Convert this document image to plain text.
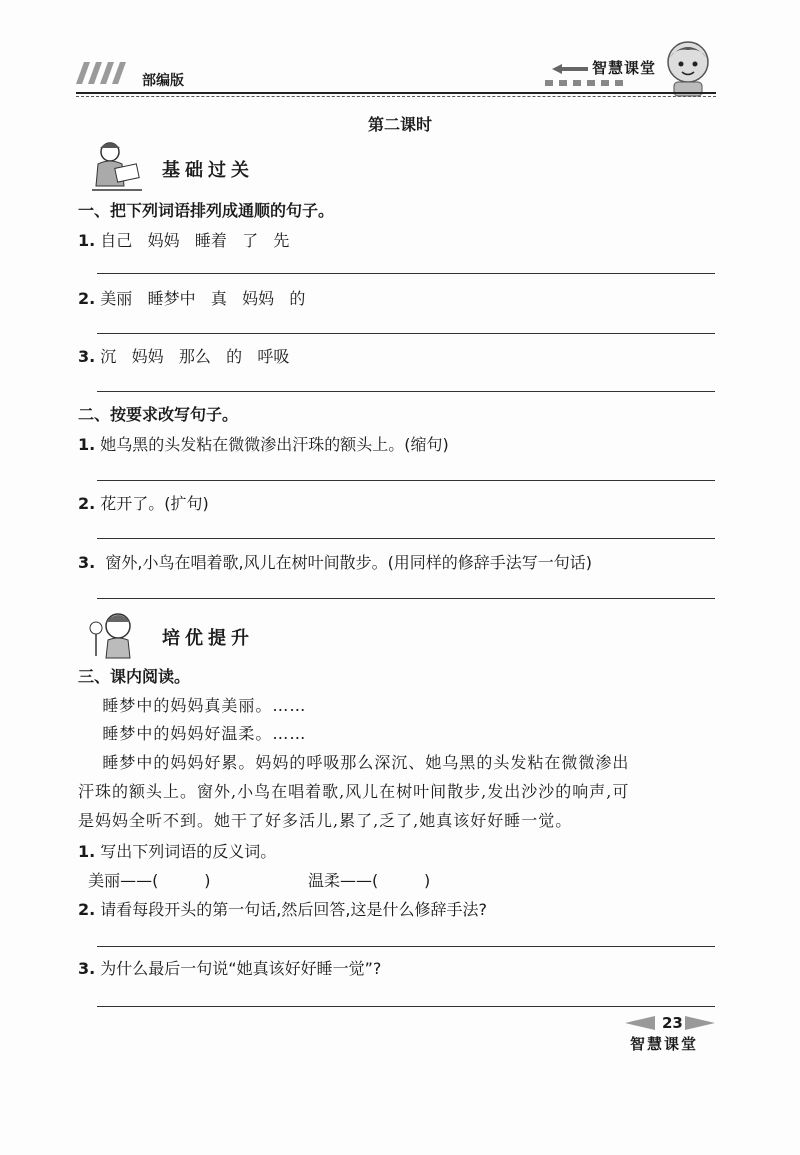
部编版
智慧课堂
第二课时
基础过关
一、把下列词语排列成通顺的句子。
1. 自己   妈妈   睡着   了   先
2. 美丽   睡梦中   真   妈妈   的
3. 沉   妈妈   那么   的   呼吸
二、按要求改写句子。
1. 她乌黑的头发粘在微微渗出汗珠的额头上。(缩句)
2. 花开了。(扩句)
3.  窗外,小鸟在唱着歌,风儿在树叶间散步。(用同样的修辞手法写一句话)
培优提升
三、课内阅读。
睡梦中的妈妈真美丽。……
睡梦中的妈妈好温柔。……
睡梦中的妈妈好累。妈妈的呼吸那么深沉、她乌黑的头发粘在微微渗出
汗珠的额头上。窗外,小鸟在唱着歌,风儿在树叶间散步,发出沙沙的响声,可
是妈妈全听不到。她干了好多活儿,累了,乏了,她真该好好睡一觉。
1. 写出下列词语的反义词。
美丽——(         )	温柔——(         )
2. 请看每段开头的第一句话,然后回答,这是什么修辞手法?
3. 为什么最后一句说“她真该好好睡一觉”?
23
智慧课堂
